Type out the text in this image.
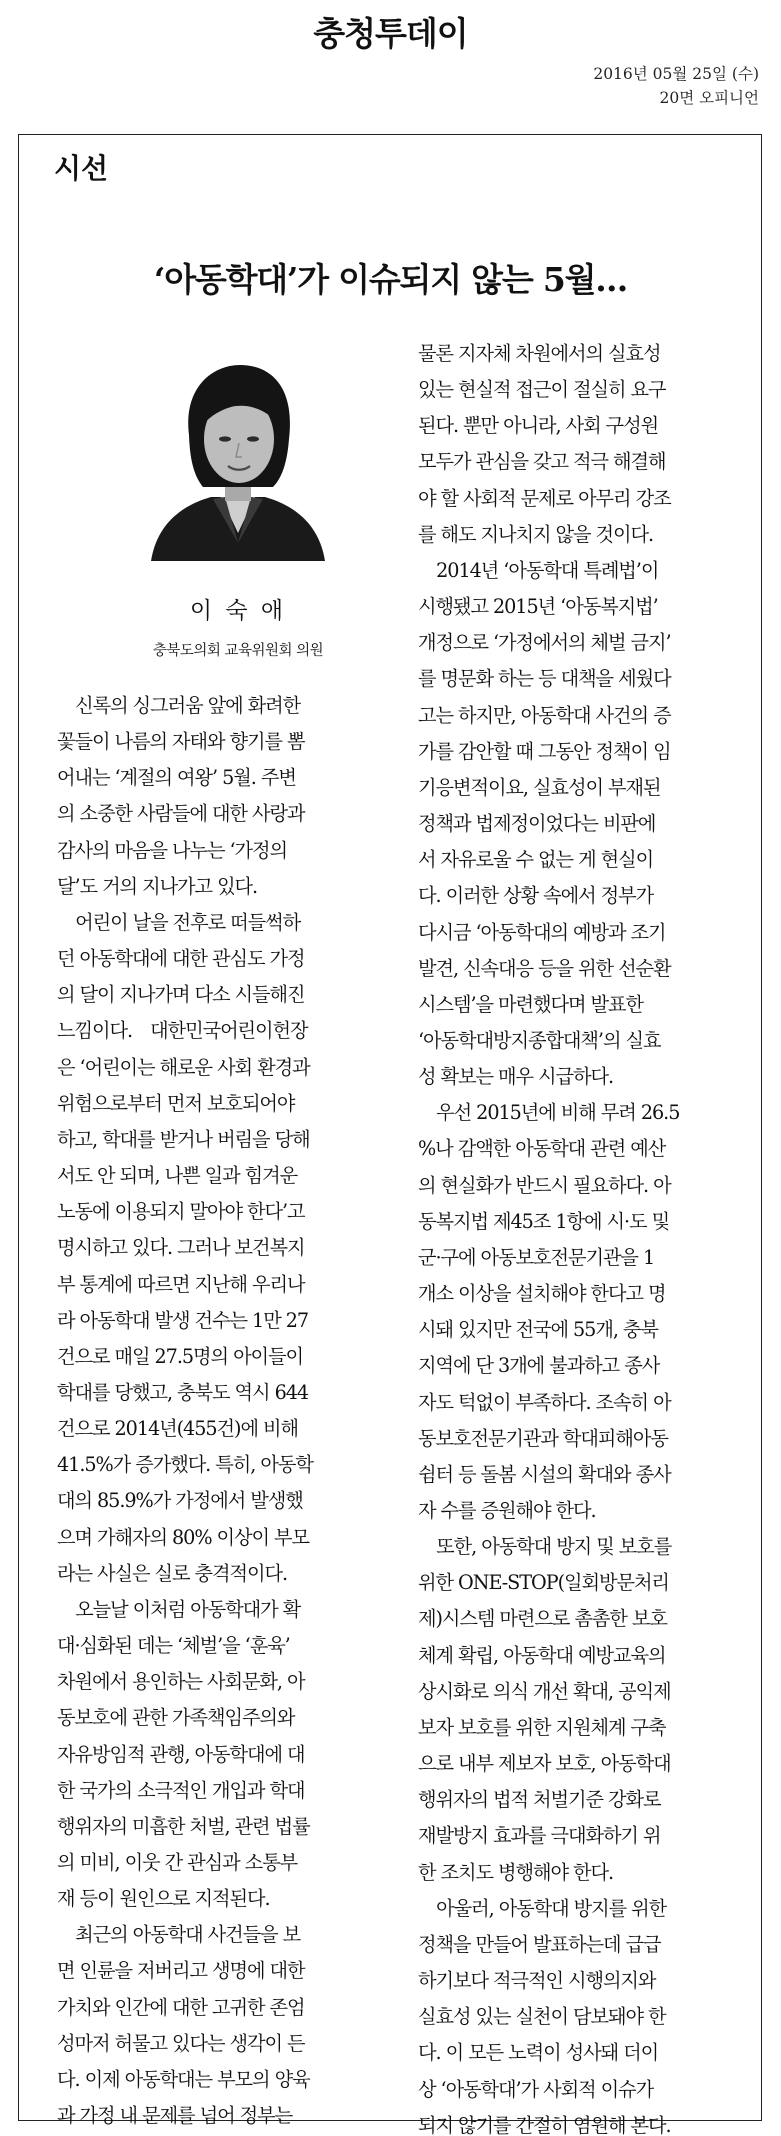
충청투데이
2016년 05월 25일 (수)
20면 오피니언
시선
‘아동학대’가 이슈되지 않는 5월…
이 숙 애
충북도의회 교육위원회 의원
　신록의 싱그러움 앞에 화려한
꽃들이 나름의 자태와 향기를 뽐
어내는 ‘계절의 여왕’ 5월. 주변
의 소중한 사람들에 대한 사랑과
감사의 마음을 나누는 ‘가정의
달’도 거의 지나가고 있다.
　어린이 날을 전후로 떠들썩하
던 아동학대에 대한 관심도 가정
의 달이 지나가며 다소 시들해진
느낌이다.　대한민국어린이헌장
은 ‘어린이는 해로운 사회 환경과
위험으로부터 먼저 보호되어야
하고, 학대를 받거나 버림을 당해
서도 안 되며, 나쁜 일과 힘겨운
노동에 이용되지 말아야 한다’고
명시하고 있다. 그러나 보건복지
부 통계에 따르면 지난해 우리나
라 아동학대 발생 건수는 1만 27
건으로 매일 27.5명의 아이들이
학대를 당했고, 충북도 역시 644
건으로 2014년(455건)에 비해
41.5%가 증가했다. 특히, 아동학
대의 85.9%가 가정에서 발생했
으며 가해자의 80% 이상이 부모
라는 사실은 실로 충격적이다.
　오늘날 이처럼 아동학대가 확
대·심화된 데는 ‘체벌’을 ‘훈육’
차원에서 용인하는 사회문화, 아
동보호에 관한 가족책임주의와
자유방임적 관행, 아동학대에 대
한 국가의 소극적인 개입과 학대
행위자의 미흡한 처벌, 관련 법률
의 미비, 이웃 간 관심과 소통부
재 등이 원인으로 지적된다.
　최근의 아동학대 사건들을 보
면 인륜을 저버리고 생명에 대한
가치와 인간에 대한 고귀한 존엄
성마저 허물고 있다는 생각이 든
다. 이제 아동학대는 부모의 양육
과 가정 내 문제를 넘어 정부는
물론 지자체 차원에서의 실효성
있는 현실적 접근이 절실히 요구
된다. 뿐만 아니라, 사회 구성원
모두가 관심을 갖고 적극 해결해
야 할 사회적 문제로 아무리 강조
를 해도 지나치지 않을 것이다.
　2014년 ‘아동학대 특례법’이
시행됐고 2015년 ‘아동복지법’
개정으로 ‘가정에서의 체벌 금지’
를 명문화 하는 등 대책을 세웠다
고는 하지만, 아동학대 사건의 증
가를 감안할 때 그동안 정책이 임
기응변적이요, 실효성이 부재된
정책과 법제정이었다는 비판에
서 자유로울 수 없는 게 현실이
다. 이러한 상황 속에서 정부가
다시금 ‘아동학대의 예방과 조기
발견, 신속대응 등을 위한 선순환
시스템’을 마련했다며 발표한
‘아동학대방지종합대책’의 실효
성 확보는 매우 시급하다.
　우선 2015년에 비해 무려 26.5
%나 감액한 아동학대 관련 예산
의 현실화가 반드시 필요하다. 아
동복지법 제45조 1항에 시·도 및
군·구에 아동보호전문기관을 1
개소 이상을 설치해야 한다고 명
시돼 있지만 전국에 55개, 충북
지역에 단 3개에 불과하고 종사
자도 턱없이 부족하다. 조속히 아
동보호전문기관과 학대피해아동
쉼터 등 돌봄 시설의 확대와 종사
자 수를 증원해야 한다.
　또한, 아동학대 방지 및 보호를
위한 ONE-STOP(일회방문처리
제)시스템 마련으로 촘촘한 보호
체계 확립, 아동학대 예방교육의
상시화로 의식 개선 확대, 공익제
보자 보호를 위한 지원체계 구축
으로 내부 제보자 보호, 아동학대
행위자의 법적 처벌기준 강화로
재발방지 효과를 극대화하기 위
한 조치도 병행해야 한다.
　아울러, 아동학대 방지를 위한
정책을 만들어 발표하는데 급급
하기보다 적극적인 시행의지와
실효성 있는 실천이 담보돼야 한
다. 이 모든 노력이 성사돼 더이
상 ‘아동학대’가 사회적 이슈가
되지 않기를 간절히 염원해 본다.
